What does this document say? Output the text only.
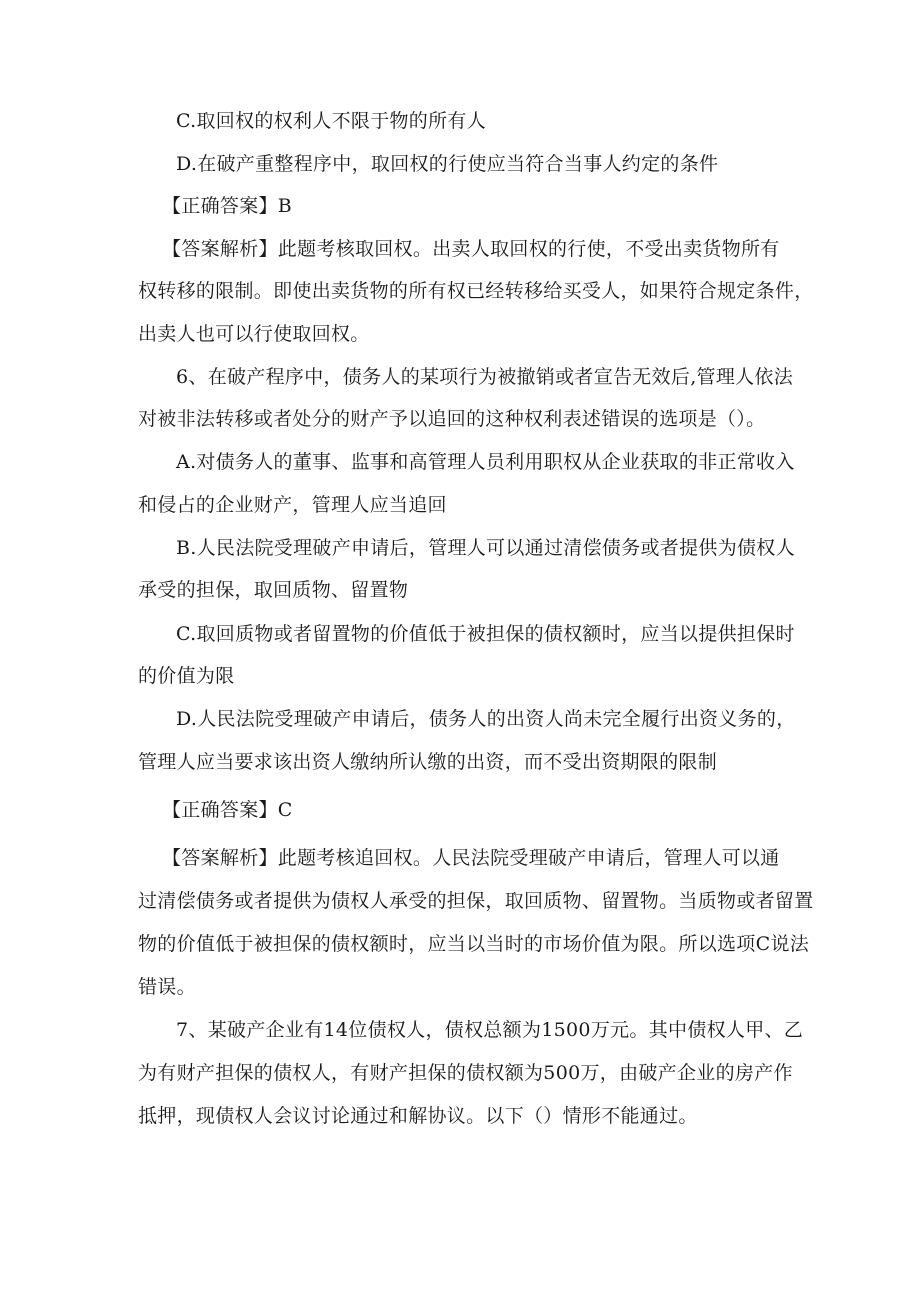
C.取回权的权利人不限于物的所有人
D.在破产重整程序中，取回权的行使应当符合当事人约定的条件
【正确答案】B
【答案解析】此题考核取回权。出卖人取回权的行使，不受出卖货物所有
权转移的限制。即使出卖货物的所有权已经转移给买受人，如果符合规定条件，
出卖人也可以行使取回权。
6、在破产程序中，债务人的某项行为被撤销或者宣告无效后,管理人依法
对被非法转移或者处分的财产予以追回的这种权利表述错误的选项是（）。
A.对债务人的董事、监事和高管理人员利用职权从企业获取的非正常收入
和侵占的企业财产，管理人应当追回
B.人民法院受理破产申请后，管理人可以通过清偿债务或者提供为债权人
承受的担保，取回质物、留置物
C.取回质物或者留置物的价值低于被担保的债权额时，应当以提供担保时
的价值为限
D.人民法院受理破产申请后，债务人的出资人尚未完全履行出资义务的，
管理人应当要求该出资人缴纳所认缴的出资，而不受出资期限的限制
【正确答案】C
【答案解析】此题考核追回权。人民法院受理破产申请后，管理人可以通
过清偿债务或者提供为债权人承受的担保，取回质物、留置物。当质物或者留置
物的价值低于被担保的债权额时，应当以当时的市场价值为限。所以选项C说法
错误。
7、某破产企业有14位债权人，债权总额为1500万元。其中债权人甲、乙
为有财产担保的债权人，有财产担保的债权额为500万，由破产企业的房产作
抵押，现债权人会议讨论通过和解协议。以下（）情形不能通过。
